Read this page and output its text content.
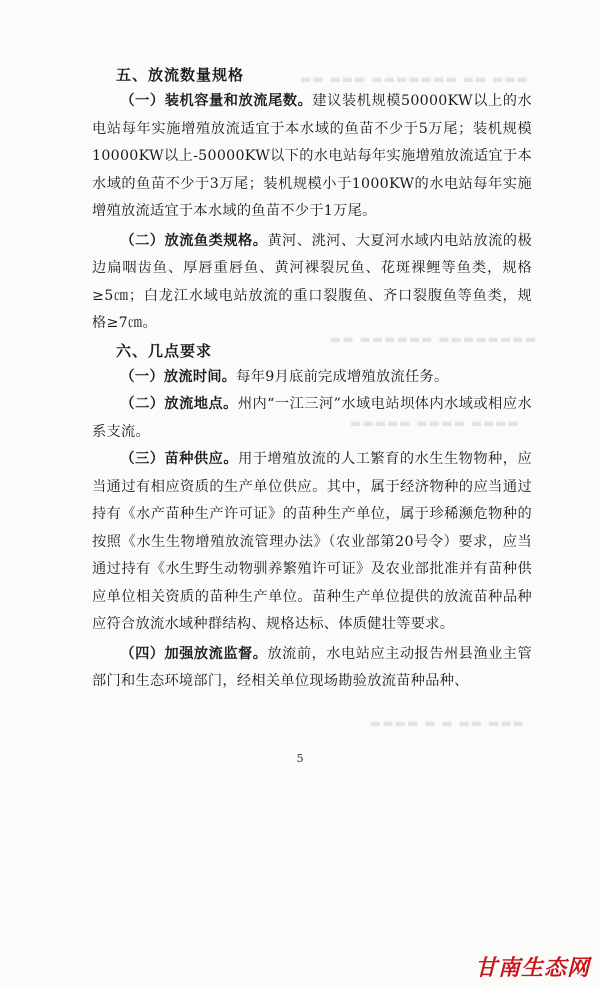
▬▬ ▬▬▬ ▬▬▬▬▬▬▬ ▬▬ ▬▬▬
▬▬ ▬▬▬▬▬▬ ▬▬▬▬▬▬▬▬
▬▬▬▬▬ ▬▬▬▬ ▬▬▬▬
▬▬▬▬ ▬ ▬ ▬▬ ▬▬▬
五、放流数量规格

（一）装机容量和放流尾数。建议装机规模50000KW以上的水电站每年实施增殖放流适宜于本水域的鱼苗不少于5万尾；装机规模10000KW以上-50000KW以下的水电站每年实施增殖放流适宜于本水域的鱼苗不少于3万尾；装机规模小于1000KW的水电站每年实施增殖放流适宜于本水域的鱼苗不少于1万尾。

（二）放流鱼类规格。黄河、洮河、大夏河水域内电站放流的极边扁咽齿鱼、厚唇重唇鱼、黄河裸裂尻鱼、花斑裸鲤等鱼类，规格≥5㎝；白龙江水域电站放流的重口裂腹鱼、齐口裂腹鱼等鱼类，规格≥7㎝。

六、几点要求

（一）放流时间。每年9月底前完成增殖放流任务。

（二）放流地点。州内“一江三河”水域电站坝体内水域或相应水系支流。

（三）苗种供应。用于增殖放流的人工繁育的水生生物物种，应当通过有相应资质的生产单位供应。其中，属于经济物种的应当通过持有《水产苗种生产许可证》的苗种生产单位，属于珍稀濒危物种的按照《水生生物增殖放流管理办法》（农业部第20号令）要求，应当通过持有《水生野生动物驯养繁殖许可证》及农业部批准并有苗种供应单位相关资质的苗种生产单位。苗种生产单位提供的放流苗种品种应符合放流水域种群结构、规格达标、体质健壮等要求。

（四）加强放流监督。放流前，水电站应主动报告州县渔业主管部门和生态环境部门，经相关单位现场勘验放流苗种品种、

5
甘南生态网
